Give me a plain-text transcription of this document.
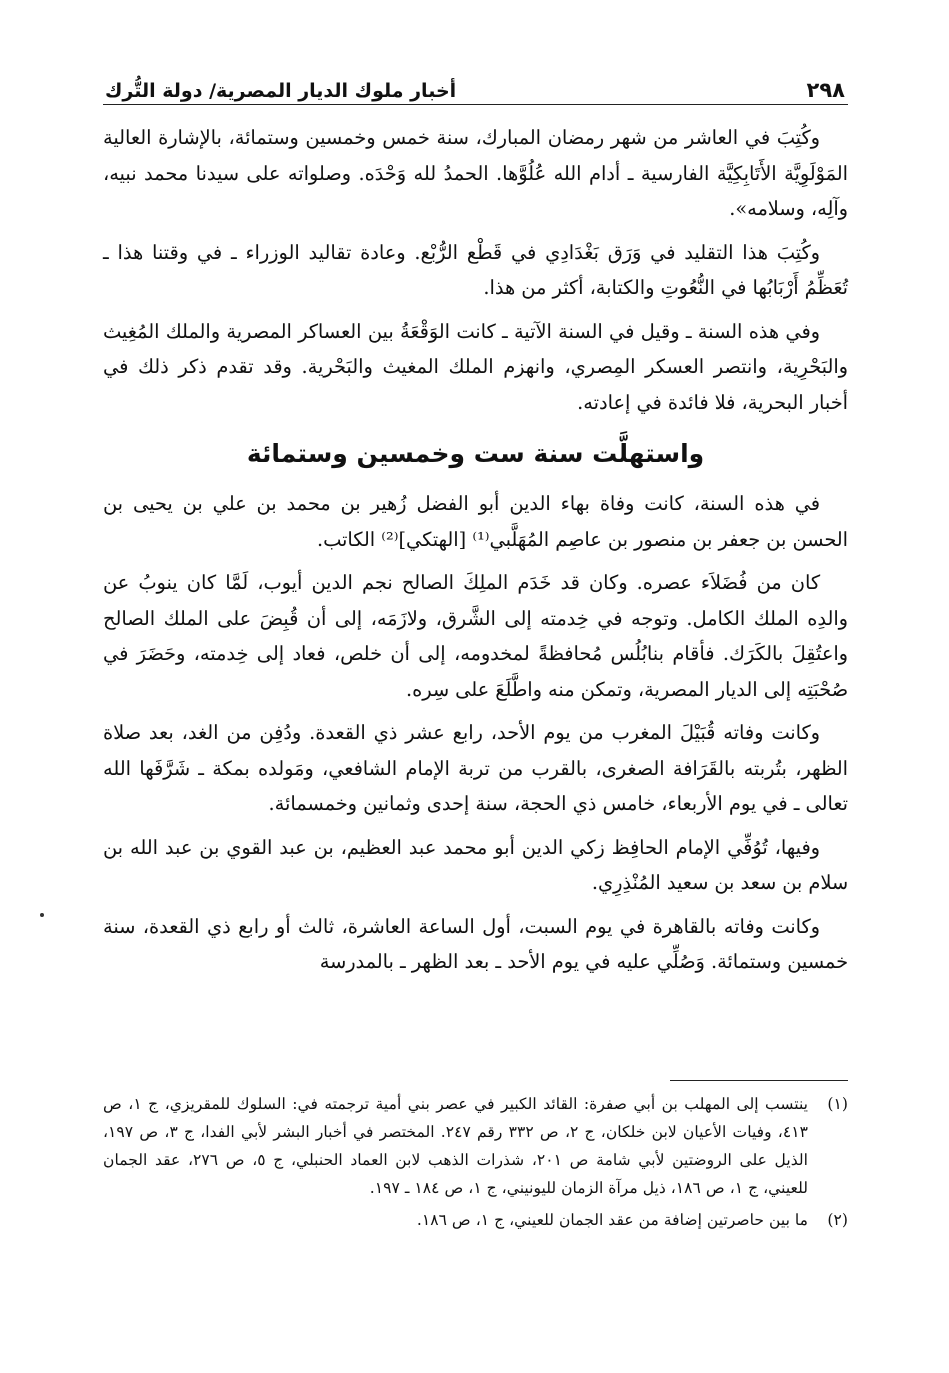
٢٩٨
أخبار ملوك الديار المصرية/ دولة التُّرك

وكُتِبَ في العاشر من شهر رمضان المبارك، سنة خمس وخمسين وستمائة، بالإشارة العالية المَوْلَوِيَّة الأَتَابِكِيَّة الفارسية ـ أدام الله عُلُوَّها. الحمدُ لله وَحْدَه. وصلواته على سيدنا محمد نبيه، وآلِه، وسلامه».

وكُتِبَ هذا التقليد في وَرَق بَغْدَادِي في قَطْع الرُّبْع. وعادة تقاليد الوزراء ـ في وقتنا هذا ـ تُعَظِّمُ أَرْبَابُها في النُّعُوتِ والكتابة، أكثر من هذا.

وفي هذه السنة ـ وقيل في السنة الآتية ـ كانت الوَقْعَةُ بين العساكر المصرية والملك المُغِيث والبَحْرِية، وانتصر العسكر المِصري، وانهزم الملك المغيث والبَحْرية. وقد تقدم ذكر ذلك في أخبار البحرية، فلا فائدة في إعادته.

واستهلَّت سنة ست وخمسين وستمائة

في هذه السنة، كانت وفاة بهاء الدين أبو الفضل زُهير بن محمد بن علي بن يحيى بن الحسن بن جعفر بن منصور بن عاصِم المُهَلَّبي⁽¹⁾ [الهتكي]⁽²⁾ الكاتب.

كان من فُضَلاَء عصره. وكان قد خَدَم الملِكَ الصالح نجم الدين أيوب، لَمَّا كان ينوبُ عن والدِه الملك الكامل. وتوجه في خِدمته إلى الشَّرق، ولازَمَه، إلى أن قُبِضَ على الملك الصالح واعتُقِلَ بالكَرَك. فأقام بنابُلُس مُحافظةً لمخدومه، إلى أن خلص، فعاد إلى خِدمته، وحَضَرَ في صُحْبَتِه إلى الديار المصرية، وتمكن منه واطَّلَعَ على سِره.

وكانت وفاته قُبَيْلَ المغرب من يوم الأحد، رابع عشر ذي القعدة. ودُفِن من الغد، بعد صلاة الظهر، بتُربته بالقَرَافة الصغرى، بالقرب من تربة الإمام الشافعي، ومَولده بمكة ـ شَرَّفَها الله تعالى ـ في يوم الأربعاء، خامس ذي الحجة، سنة إحدى وثمانين وخمسمائة.

وفيها، تُوُفِّي الإمام الحافِظ زكي الدين أبو محمد عبد العظيم، بن عبد القوي بن عبد الله بن سلام بن سعد بن سعيد المُنْذِرِي.

وكانت وفاته بالقاهرة في يوم السبت، أول الساعة العاشرة، ثالث أو رابع ذي القعدة، سنة خمسين وستمائة. وَصُلِّي عليه في يوم الأحد ـ بعد الظهر ـ بالمدرسة

(١)
ينتسب إلى المهلب بن أبي صفرة: القائد الكبير في عصر بني أمية ترجمته في: السلوك للمقريزي، ج ١، ص ٤١٣، وفيات الأعيان لابن خلكان، ج ٢، ص ٣٣٢ رقم ٢٤٧. المختصر في أخبار البشر لأبي الفدا، ج ٣، ص ١٩٧، الذيل على الروضتين لأبي شامة ص ٢٠١، شذرات الذهب لابن العماد الحنبلي، ج ٥، ص ٢٧٦، عقد الجمان للعيني، ج ١، ص ١٨٦، ذيل مرآة الزمان لليونيني، ج ١، ص ١٨٤ ـ ١٩٧.
(٢)
ما بين حاصرتين إضافة من عقد الجمان للعيني، ج ١، ص ١٨٦.
